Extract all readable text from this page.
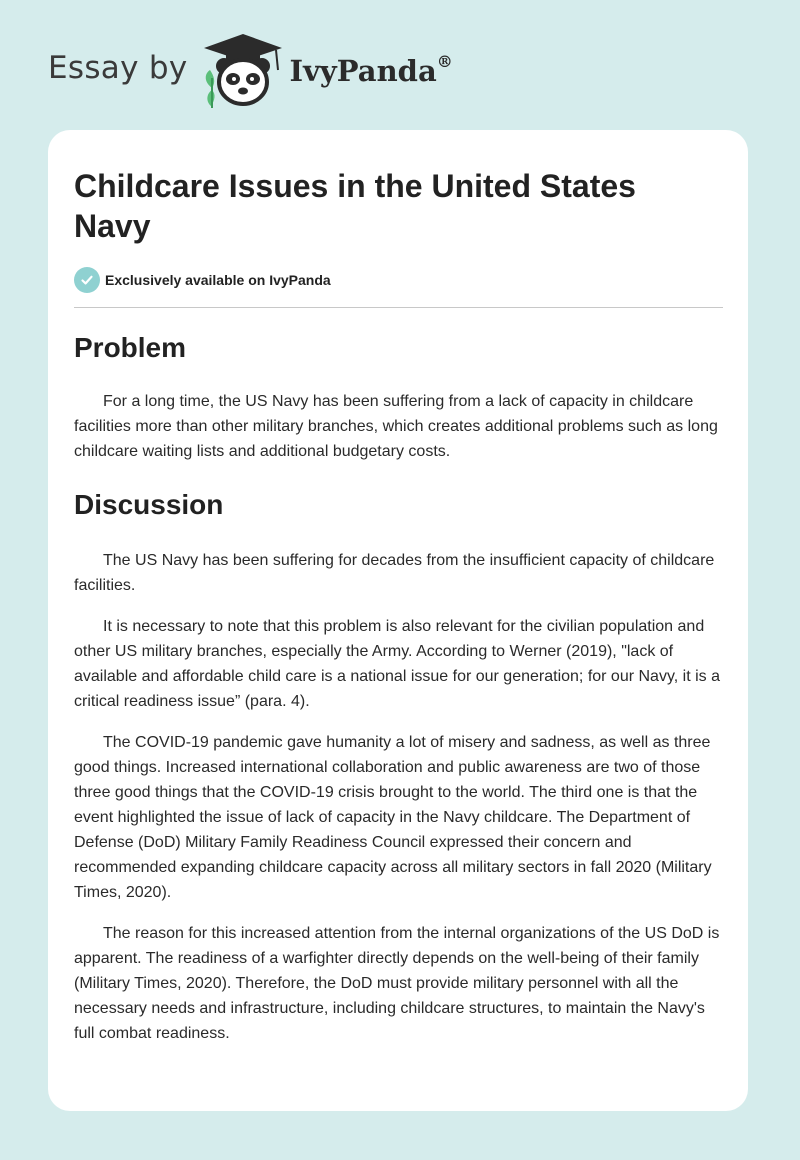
Essay by	IvyPanda®
Childcare Issues in the United States Navy
Exclusively available on IvyPanda
Problem

For a long time, the US Navy has been suffering from a lack of capacity in childcare facilities more than other military branches, which creates additional problems such as long childcare waiting lists and additional budgetary costs.

Discussion

The US Navy has been suffering for decades from the insufficient capacity of childcare facilities.

It is necessary to note that this problem is also relevant for the civilian population and other US military branches, especially the Army. According to Werner (2019), "lack of available and affordable child care is a national issue for our generation; for our Navy, it is a critical readiness issue” (para. 4).

The COVID-19 pandemic gave humanity a lot of misery and sadness, as well as three good things. Increased international collaboration and public awareness are two of those three good things that the COVID-19 crisis brought to the world. The third one is that the event highlighted the issue of lack of capacity in the Navy childcare. The Department of Defense (DoD) Military Family Readiness Council expressed their concern and recommended expanding childcare capacity across all military sectors in fall 2020 (Military Times, 2020).

The reason for this increased attention from the internal organizations of the US DoD is apparent. The readiness of a warfighter directly depends on the well-being of their family (Military Times, 2020). Therefore, the DoD must provide military personnel with all the necessary needs and infrastructure, including childcare structures, to maintain the Navy's full combat readiness.
